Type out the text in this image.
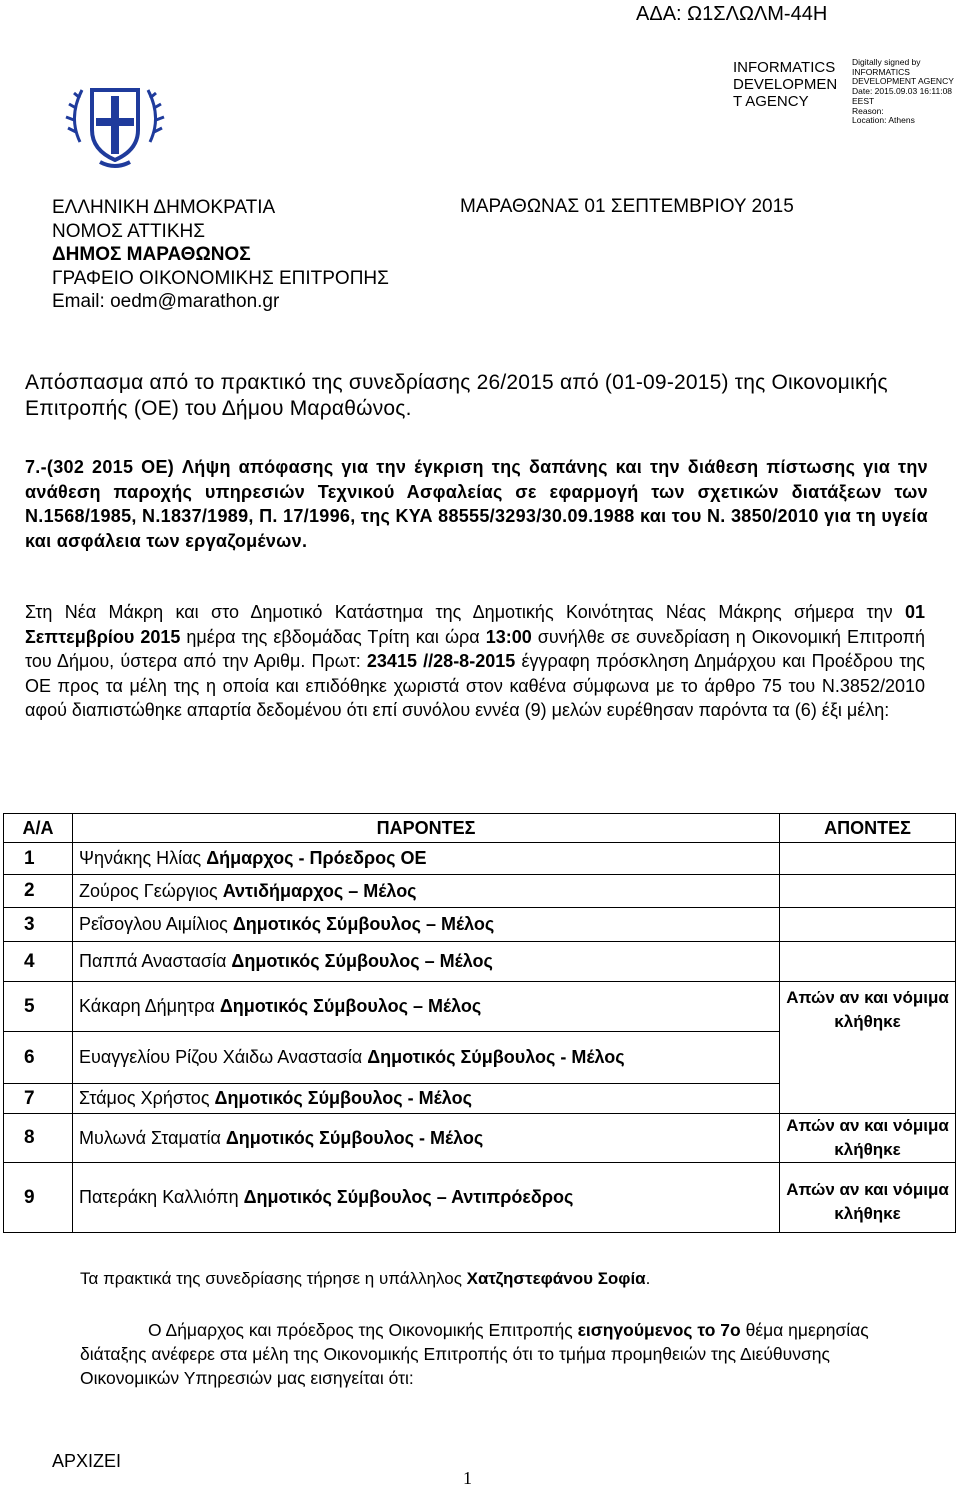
ΑΔΑ: Ω1ΣΛΩΛΜ-44Η
INFORMATICS
DEVELOPMEN
T AGENCY
Digitally signed by
INFORMATICS
DEVELOPMENT AGENCY
Date: 2015.09.03 16:11:08
EEST
Reason:
Location: Athens
ΕΛΛΗΝΙΚΗ ΔΗΜΟΚΡΑΤΙΑ
ΝΟΜΟΣ ΑΤΤΙΚΗΣ
ΔΗΜΟΣ ΜΑΡΑΘΩΝΟΣ
ΓΡΑΦΕΙΟ ΟΙΚΟΝΟΜΙΚΗΣ ΕΠΙΤΡΟΠΗΣ
Email: oedm@marathon.gr
ΜΑΡΑΘΩΝΑΣ 01 ΣΕΠΤΕΜΒΡΙΟΥ 2015
Απόσπασμα από το πρακτικό της συνεδρίασης 26/2015 από (01-09-2015) της Οικονομικής Επιτροπής (ΟΕ) του Δήμου Μαραθώνος.
7.-(302 2015 ΟΕ) Λήψη απόφασης για την έγκριση της δαπάνης και την διάθεση πίστωσης για την ανάθεση παροχής υπηρεσιών Τεχνικού Ασφαλείας σε εφαρμογή των σχετικών διατάξεων των Ν.1568/1985, Ν.1837/1989, Π. 17/1996, της ΚΥΑ 88555/3293/30.09.1988 και του Ν. 3850/2010 για τη υγεία και ασφάλεια των εργαζομένων.
Στη Νέα Μάκρη και στο Δημοτικό Κατάστημα της Δημοτικής Κοινότητας Νέας Μάκρης σήμερα την 01 Σεπτεμβρίου 2015 ημέρα της εβδομάδας Τρίτη και ώρα 13:00 συνήλθε σε συνεδρίαση η Οικονομική Επιτροπή του Δήμου, ύστερα από την Αριθμ. Πρωτ: 23415 //28-8-2015 έγγραφη πρόσκληση Δημάρχου και Προέδρου της ΟΕ προς τα μέλη της η οποία και επιδόθηκε χωριστά στον καθένα σύμφωνα με το άρθρο 75 του Ν.3852/2010 αφού διαπιστώθηκε απαρτία δεδομένου ότι επί συνόλου εννέα (9) μελών ευρέθησαν παρόντα τα (6) έξι μέλη:
Α/Α	ΠΑΡΟΝΤΕΣ	ΑΠΟΝΤΕΣ
1	Ψηνάκης Ηλίας Δήμαρχος - Πρόεδρος ΟΕ	
2	Ζούρος Γεώργιος Αντιδήμαρχος – Μέλος	
3	Ρεΐσογλου Αιμίλιος Δημοτικός Σύμβουλος – Μέλος	
4	Παππά Αναστασία Δημοτικός Σύμβουλος – Μέλος	
5	Κάκαρη Δήμητρα Δημοτικός Σύμβουλος – Μέλος	Απών αν και νόμιμα κλήθηκε
6	Ευαγγελίου Ρίζου Χάιδω Αναστασία Δημοτικός Σύμβουλος - Μέλος	
7	Στάμος Χρήστος Δημοτικός Σύμβουλος - Μέλος	
8	Μυλωνά Σταματία Δημοτικός Σύμβουλος - Μέλος	Απών αν και νόμιμα κλήθηκε
9	Πατεράκη Καλλιόπη Δημοτικός Σύμβουλος – Αντιπρόεδρος	Απών αν και νόμιμα κλήθηκε
Τα πρακτικά της συνεδρίασης τήρησε η υπάλληλος Χατζηστεφάνου Σοφία.
Ο Δήμαρχος και πρόεδρος της Οικονομικής Επιτροπής εισηγούμενος το 7ο θέμα ημερησίας διάταξης ανέφερε στα μέλη της Οικονομικής Επιτροπής ότι το τμήμα προμηθειών της Διεύθυνσης Οικονομικών Υπηρεσιών μας εισηγείται ότι:
ΑΡΧΙΖΕΙ
1
